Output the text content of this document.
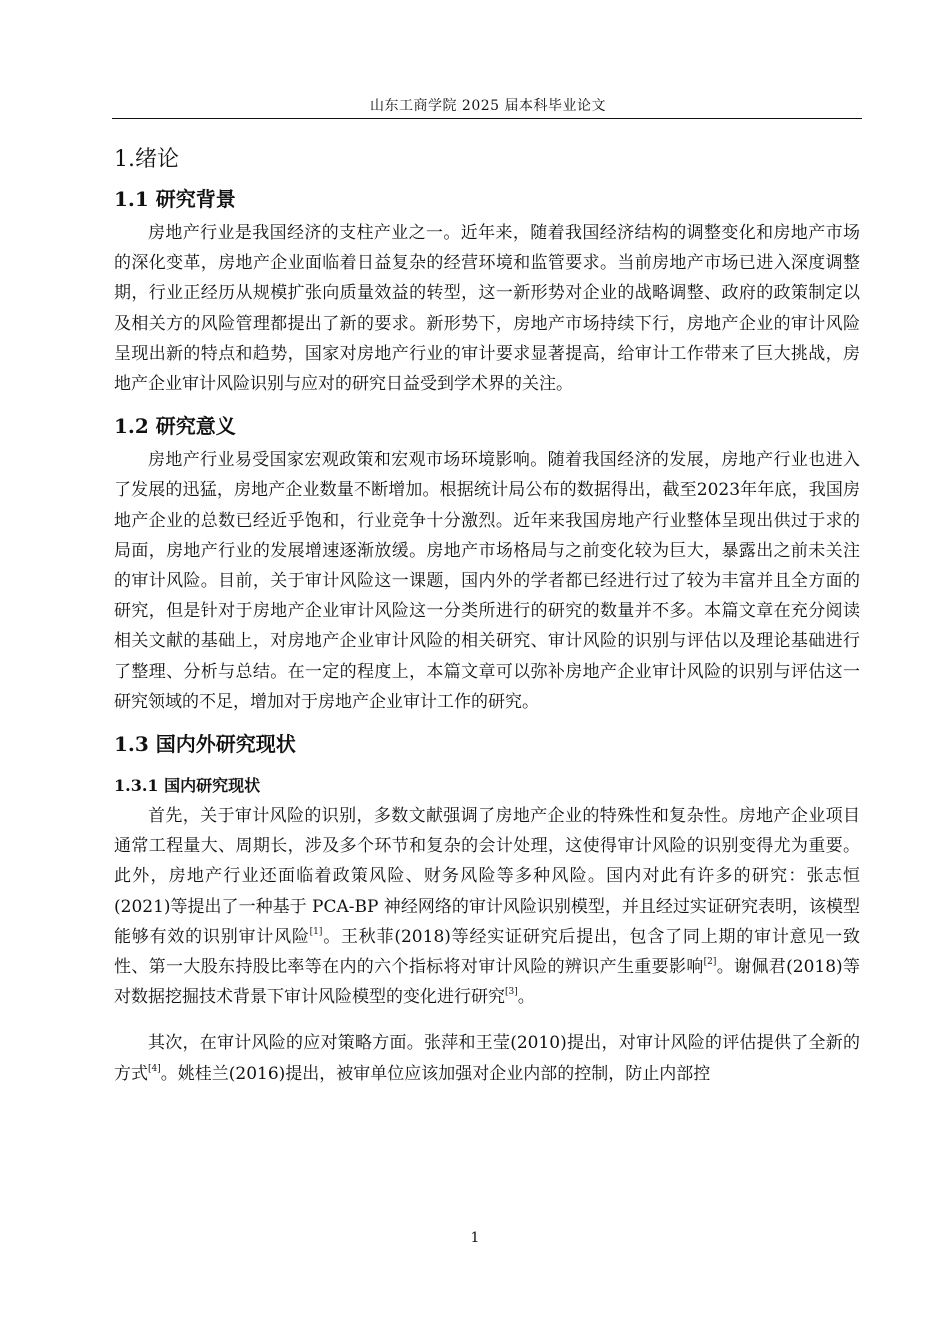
山东工商学院 2025 届本科毕业论文
1.绪论
1.1 研究背景

房地产行业是我国经济的支柱产业之一。近年来，随着我国经济结构的调整变化和房地产市场的深化变革，房地产企业面临着日益复杂的经营环境和监管要求。当前房地产市场已进入深度调整期，行业正经历从规模扩张向质量效益的转型，这一新形势对企业的战略调整、政府的政策制定以及相关方的风险管理都提出了新的要求。新形势下，房地产市场持续下行，房地产企业的审计风险呈现出新的特点和趋势，国家对房地产行业的审计要求显著提高，给审计工作带来了巨大挑战，房地产企业审计风险识别与应对的研究日益受到学术界的关注。

1.2 研究意义

房地产行业易受国家宏观政策和宏观市场环境影响。随着我国经济的发展，房地产行业也进入了发展的迅猛，房地产企业数量不断增加。根据统计局公布的数据得出，截至2023年年底，我国房地产企业的总数已经近乎饱和，行业竞争十分激烈。近年来我国房地产行业整体呈现出供过于求的局面，房地产行业的发展增速逐渐放缓。房地产市场格局与之前变化较为巨大，暴露出之前未关注的审计风险。目前，关于审计风险这一课题，国内外的学者都已经进行过了较为丰富并且全方面的研究，但是针对于房地产企业审计风险这一分类所进行的研究的数量并不多。本篇文章在充分阅读相关文献的基础上，对房地产企业审计风险的相关研究、审计风险的识别与评估以及理论基础进行了整理、分析与总结。在一定的程度上，本篇文章可以弥补房地产企业审计风险的识别与评估这一研究领域的不足，增加对于房地产企业审计工作的研究。

1.3 国内外研究现状
1.3.1 国内研究现状

首先，关于审计风险的识别，多数文献强调了房地产企业的特殊性和复杂性。房地产企业项目通常工程量大、周期长，涉及多个环节和复杂的会计处理，这使得审计风险的识别变得尤为重要。此外，房地产行业还面临着政策风险、财务风险等多种风险。国内对此有许多的研究：张志恒(2021)等提出了一种基于 PCA-BP 神经网络的审计风险识别模型，并且经过实证研究表明，该模型能够有效的识别审计风险[1]。王秋菲(2018)等经实证研究后提出，包含了同上期的审计意见一致性、第一大股东持股比率等在内的六个指标将对审计风险的辨识产生重要影响[2]。谢佩君(2018)等对数据挖掘技术背景下审计风险模型的变化进行研究[3]。

其次，在审计风险的应对策略方面。张萍和王莹(2010)提出，对审计风险的评估提供了全新的方式[4]。姚桂兰(2016)提出，被审单位应该加强对企业内部的控制，防止内部控

1
